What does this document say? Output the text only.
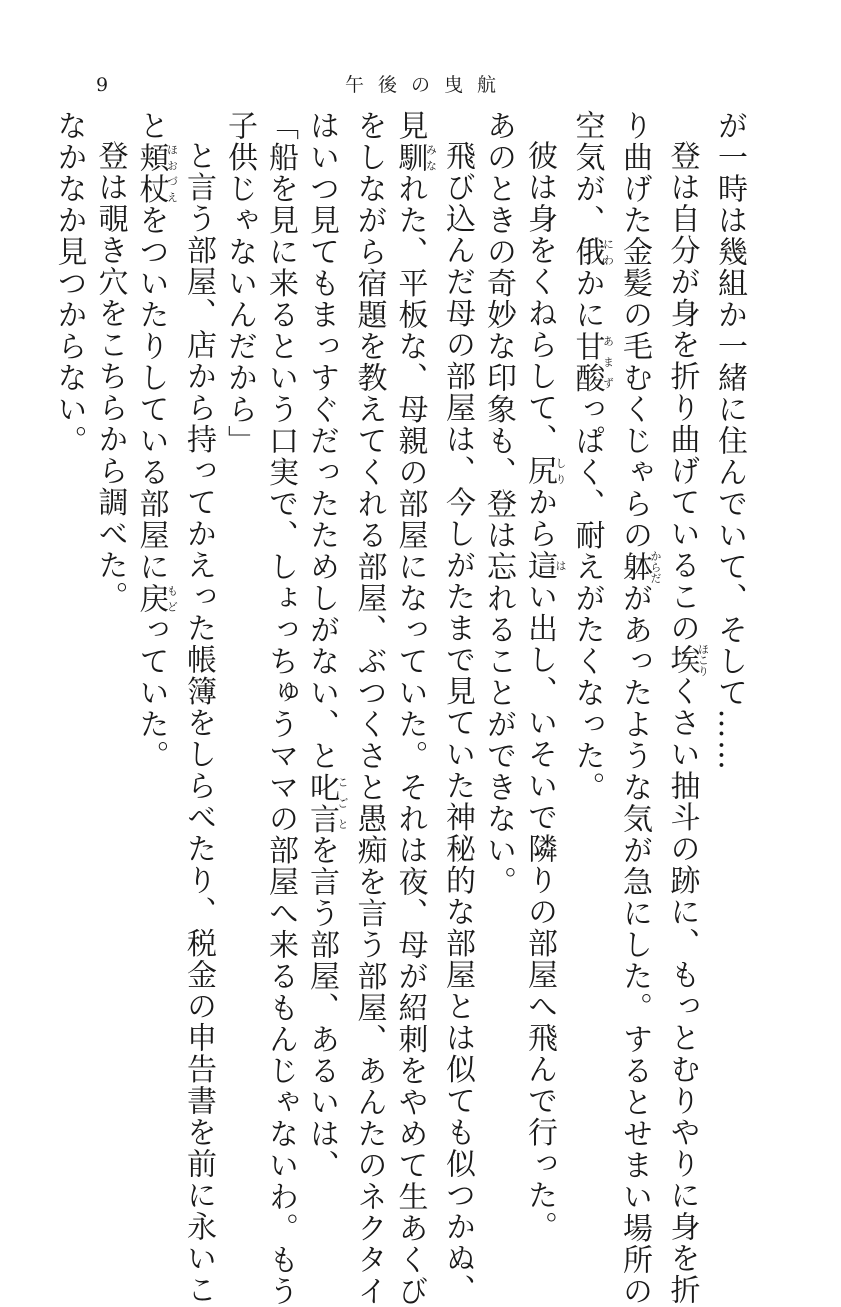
9	午後の曳航
が一時は幾組か一緒に住んでいて、そして……
登は自分が身を折り曲げているこの埃ほこりくさい抽斗の跡に、もっとむりやりに身を折
り曲げた金髪の毛むくじゃらの躰からだがあったような気が急にした。するとせまい場所の
空気が、俄にわかに甘酸あまずっぱく、耐えがたくなった。
彼は身をくねらして、尻しりから這はい出し、いそいで隣りの部屋へ飛んで行った。
あのときの奇妙な印象も、登は忘れることができない。
飛び込んだ母の部屋は、今しがたまで見ていた神秘的な部屋とは似ても似つかぬ、
見馴みなれた、平板な、母親の部屋になっていた。それは夜、母が紹刺をやめて生あくび
をしながら宿題を教えてくれる部屋、ぶつくさと愚痴を言う部屋、あんたのネクタイ
はいつ見てもまっすぐだったためしがない、と叱言こごとを言う部屋、あるいは、
「船を見に来るという口実で、しょっちゅうママの部屋へ来るもんじゃないわ。もう
子供じゃないんだから」
と言う部屋、店から持ってかえった帳簿をしらべたり、税金の申告書を前に永いこ
と頬杖ほおづえをついたりしている部屋に戻もどっていた。
登は覗き穴をこちらから調べた。
なかなか見つからない。
